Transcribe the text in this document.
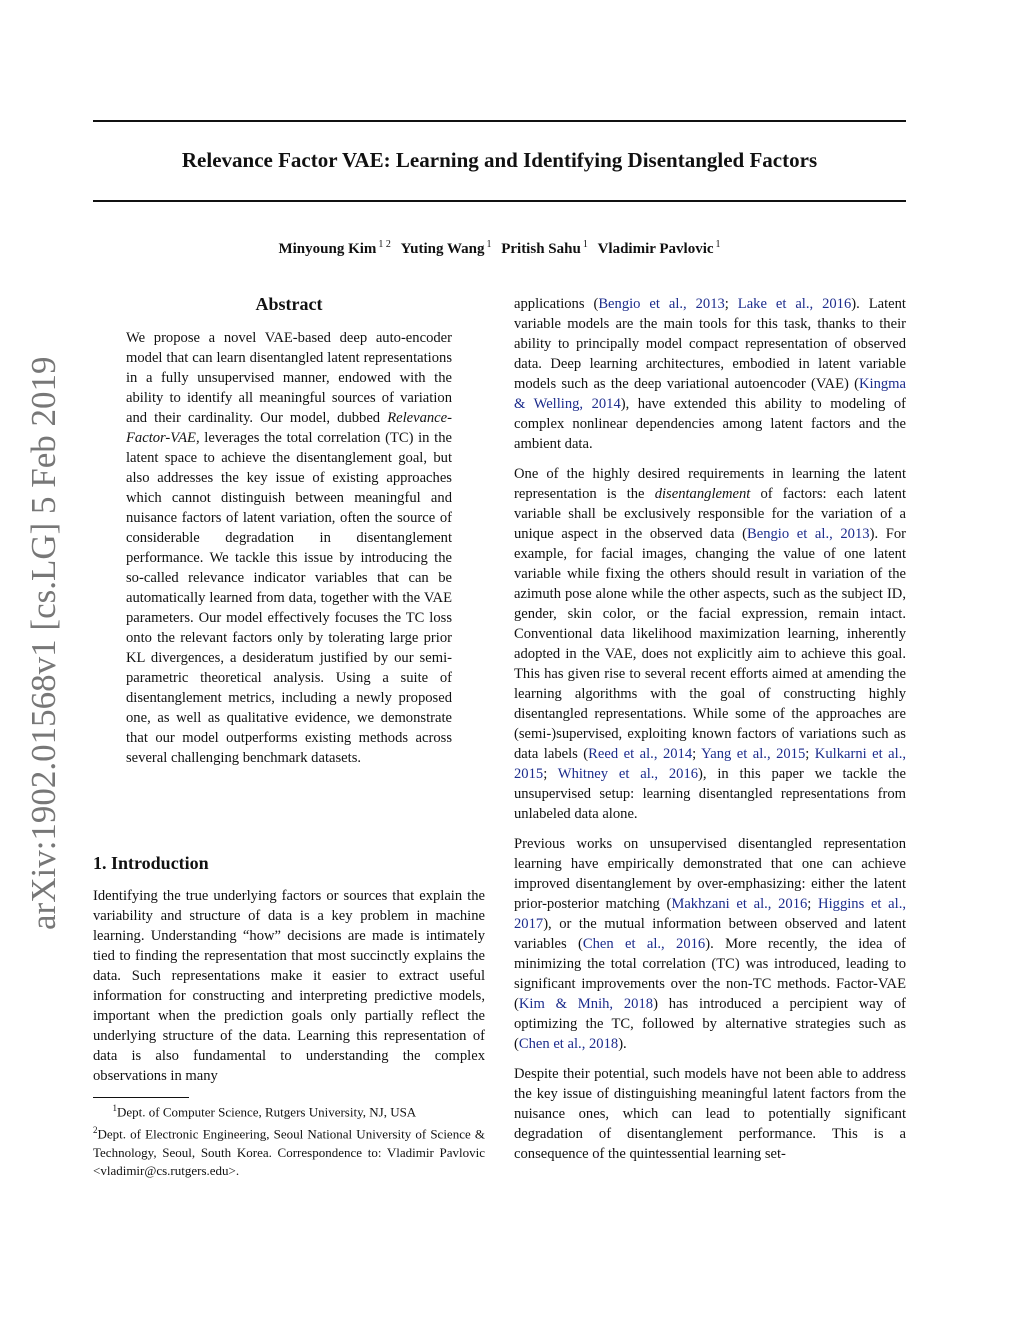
arXiv:1902.01568v1 [cs.LG] 5 Feb 2019
Relevance Factor VAE: Learning and Identifying Disentangled Factors
Minyoung Kim $^{1 2}$ Yuting Wang $^1$ Pritish Sahu $^1$ Vladimir Pavlovic $^1$
Abstract
We propose a novel VAE-based deep auto-encoder model that can learn disentangled latent representations in a fully unsupervised manner, endowed with the ability to identify all meaningful sources of variation and their cardinality. Our model, dubbed Relevance-Factor-VAE, leverages the total correlation (TC) in the latent space to achieve the disentanglement goal, but also addresses the key issue of existing approaches which cannot distinguish between meaningful and nuisance factors of latent variation, often the source of considerable degradation in disentanglement performance. We tackle this issue by introducing the so-called relevance indicator variables that can be automatically learned from data, together with the VAE parameters. Our model effectively focuses the TC loss onto the relevant factors only by tolerating large prior KL divergences, a desideratum justified by our semi-parametric theoretical analysis. Using a suite of disentanglement metrics, including a newly proposed one, as well as qualitative evidence, we demonstrate that our model outperforms existing methods across several challenging benchmark datasets.
1. Introduction
Identifying the true underlying factors or sources that explain the variability and structure of data is a key problem in machine learning. Understanding “how” decisions are made is intimately tied to finding the representation that most succinctly explains the data. Such representations make it easier to extract useful information for constructing and interpreting predictive models, important when the prediction goals only partially reflect the underlying structure of the data. Learning this representation of data is also fundamental to understanding the complex observations in many

$^1$Dept. of Computer Science, Rutgers University, NJ, USA

$^2$Dept. of Electronic Engineering, Seoul National University of Science & Technology, Seoul, South Korea. Correspondence to: Vladimir Pavlovic <vladimir@cs.rutgers.edu>.

applications (Bengio et al., 2013; Lake et al., 2016). Latent variable models are the main tools for this task, thanks to their ability to principally model compact representation of observed data. Deep learning architectures, embodied in latent variable models such as the deep variational autoencoder (VAE) (Kingma & Welling, 2014), have extended this ability to modeling of complex nonlinear dependencies among latent factors and the ambient data.

One of the highly desired requirements in learning the latent representation is the disentanglement of factors: each latent variable shall be exclusively responsible for the variation of a unique aspect in the observed data (Bengio et al., 2013). For example, for facial images, changing the value of one latent variable while fixing the others should result in variation of the azimuth pose alone while the other aspects, such as the subject ID, gender, skin color, or the facial expression, remain intact. Conventional data likelihood maximization learning, inherently adopted in the VAE, does not explicitly aim to achieve this goal. This has given rise to several recent efforts aimed at amending the learning algorithms with the goal of constructing highly disentangled representations. While some of the approaches are (semi-)supervised, exploiting known factors of variations such as data labels (Reed et al., 2014; Yang et al., 2015; Kulkarni et al., 2015; Whitney et al., 2016), in this paper we tackle the unsupervised setup: learning disentangled representations from unlabeled data alone.

Previous works on unsupervised disentangled representation learning have empirically demonstrated that one can achieve improved disentanglement by over-emphasizing: either the latent prior-posterior matching (Makhzani et al., 2016; Higgins et al., 2017), or the mutual information between observed and latent variables (Chen et al., 2016). More recently, the idea of minimizing the total correlation (TC) was introduced, leading to significant improvements over the non-TC methods. Factor-VAE (Kim & Mnih, 2018) has introduced a percipient way of optimizing the TC, followed by alternative strategies such as (Chen et al., 2018).

Despite their potential, such models have not been able to address the key issue of distinguishing meaningful latent factors from the nuisance ones, which can lead to potentially significant degradation of disentanglement performance. This is a consequence of the quintessential learning set-
